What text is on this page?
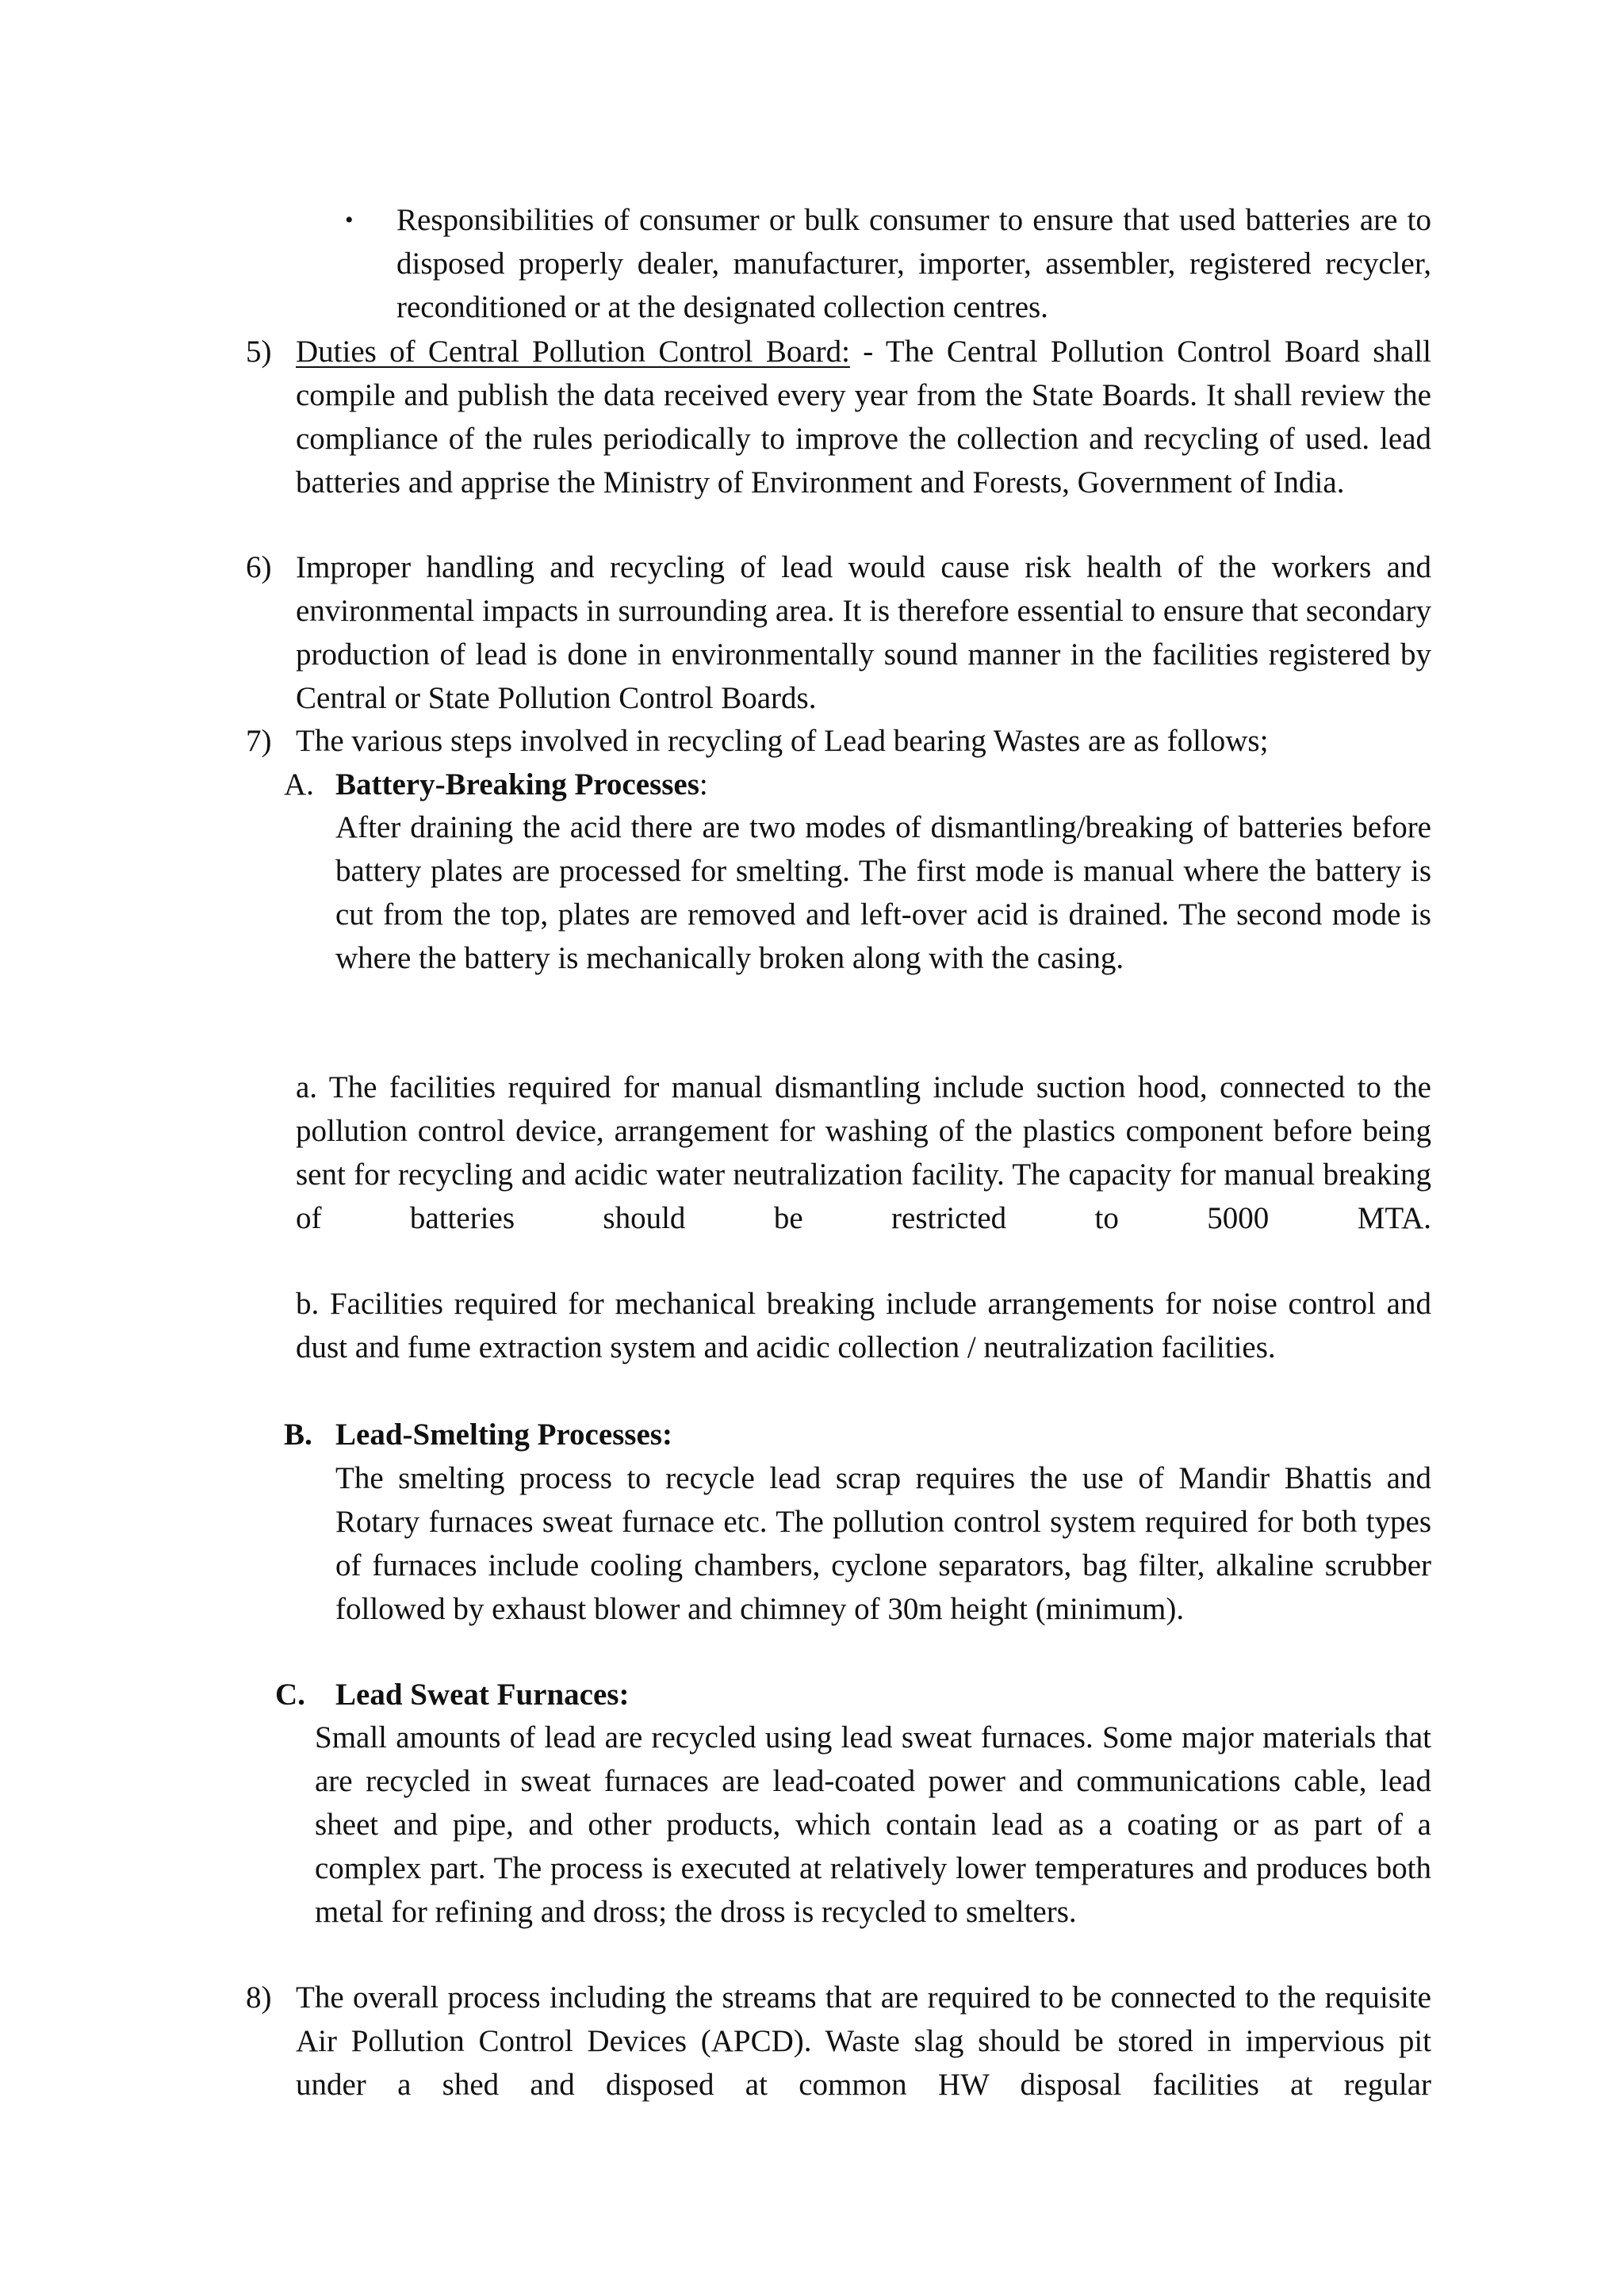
• Responsibilities of consumer or bulk consumer to ensure that used batteries are to disposed properly dealer, manufacturer, importer, assembler, registered recycler, reconditioned or at the designated collection centres.
5) Duties of Central Pollution Control Board: - The Central Pollution Control Board shall compile and publish the data received every year from the State Boards. It shall review the compliance of the rules periodically to improve the collection and recycling of used. lead batteries and apprise the Ministry of Environment and Forests, Government of India.
6) Improper handling and recycling of lead would cause risk health of the workers and environmental impacts in surrounding area. It is therefore essential to ensure that secondary production of lead is done in environmentally sound manner in the facilities registered by Central or State Pollution Control Boards.
7) The various steps involved in recycling of Lead bearing Wastes are as follows;
A. Battery-Breaking Processes:
After draining the acid there are two modes of dismantling/breaking of batteries before battery plates are processed for smelting. The first mode is manual where the battery is cut from the top, plates are removed and left-over acid is drained. The second mode is where the battery is mechanically broken along with the casing.
a. The facilities required for manual dismantling include suction hood, connected to the pollution control device, arrangement for washing of the plastics component before being sent for recycling and acidic water neutralization facility. The capacity for manual breaking of batteries should be restricted to 5000 MTA.
b. Facilities required for mechanical breaking include arrangements for noise control and dust and fume extraction system and acidic collection / neutralization facilities.
B. Lead-Smelting Processes:
The smelting process to recycle lead scrap requires the use of Mandir Bhattis and Rotary furnaces sweat furnace etc. The pollution control system required for both types of furnaces include cooling chambers, cyclone separators, bag filter, alkaline scrubber followed by exhaust blower and chimney of 30m height (minimum).
C. Lead Sweat Furnaces:
Small amounts of lead are recycled using lead sweat furnaces. Some major materials that are recycled in sweat furnaces are lead-coated power and communications cable, lead sheet and pipe, and other products, which contain lead as a coating or as part of a complex part. The process is executed at relatively lower temperatures and produces both metal for refining and dross; the dross is recycled to smelters.
8) The overall process including the streams that are required to be connected to the requisite Air Pollution Control Devices (APCD). Waste slag should be stored in impervious pit under a shed and disposed at common HW disposal facilities at regular
